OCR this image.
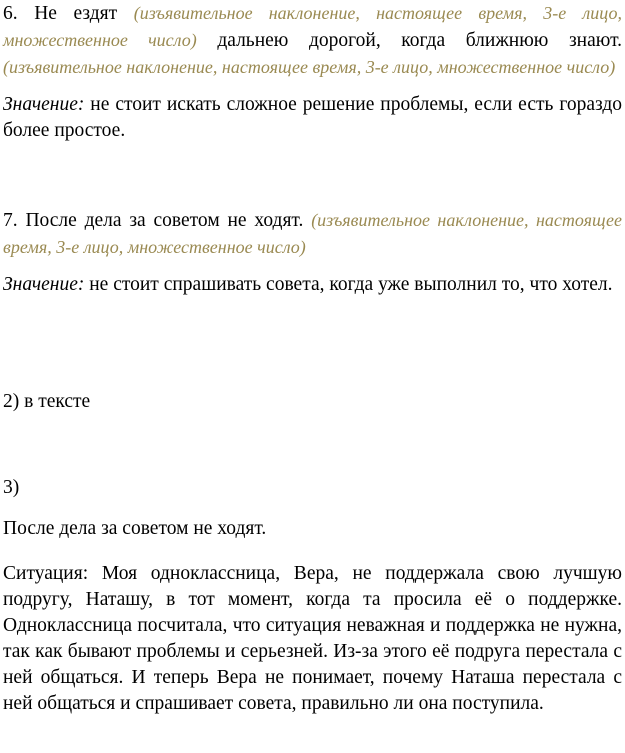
6. Не ездят (изъявительное наклонение, настоящее время, 3-е лицо, множественное число) дальнею дорогой, когда ближнюю знают. (изъявительное наклонение, настоящее время, 3-е лицо, множественное число)

Значение: не стоит искать сложное решение проблемы, если есть гораздо более простое.

7. После дела за советом не ходят. (изъявительное наклонение, настоящее время, 3-е лицо, множественное число)

Значение: не стоит спрашивать совета, когда уже выполнил то, что хотел.

2) в тексте

3)

После дела за советом не ходят.

Ситуация: Моя одноклассница, Вера, не поддержала свою лучшую подругу, Наташу, в тот момент, когда та просила её о поддержке. Одноклассница посчитала, что ситуация неважная и поддержка не нужна, так как бывают проблемы и серьезней. Из-за этого её подруга перестала с ней общаться. И теперь Вера не понимает, почему Наташа перестала с ней общаться и спрашивает совета, правильно ли она поступила.
